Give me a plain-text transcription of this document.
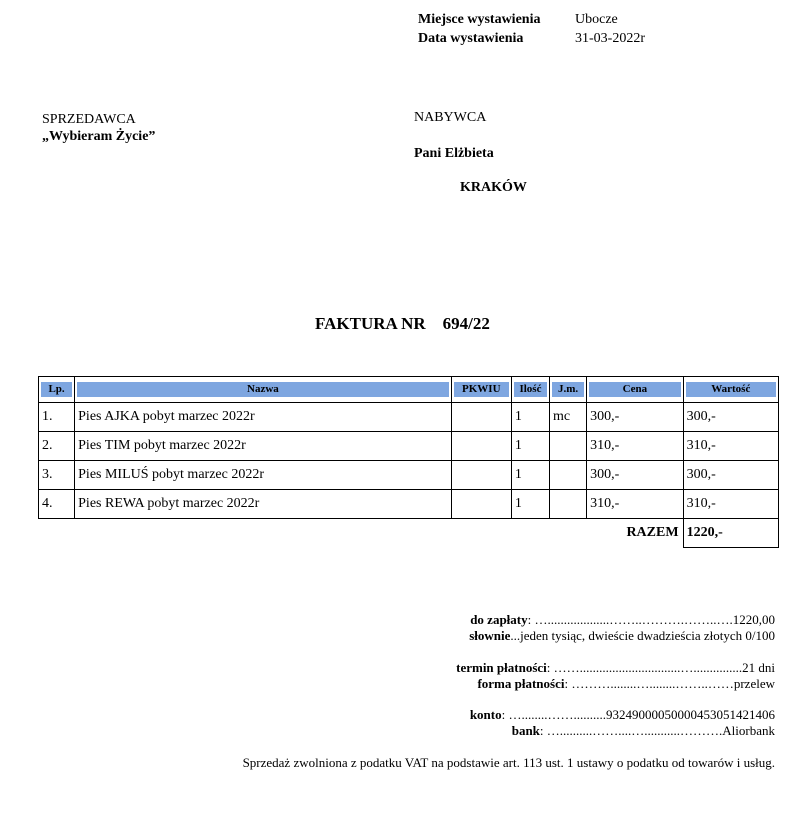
Miejsce wystawienia Ubocze
Data wystawienia	31-03-2022r
SPRZEDAWCA
„Wybieram Życie”
NABYWCA
Pani Elżbieta
KRAKÓW
FAKTURA NR 694/22
Lp.	Nazwa	PKWIU	Ilość	J.m.	Cena	Wartość

1.	Pies AJKA pobyt marzec 2022r		1	mc	300,-	300,-
2.	Pies TIM pobyt marzec 2022r		1		310,-	310,-
3.	Pies MILUŚ pobyt marzec 2022r		1		300,-	300,-
4.	Pies REWA pobyt marzec 2022r		1		310,-	310,-
					RAZEM	1220,-
do zapłaty: …...................……..……….……..….1220,00
słownie...jeden tysiąc, dwieście dwadzieścia złotych 0/100
termin płatności: ……...............................…...............21 dni
forma płatności: ………........…........……..……przelew
konto: …........……..........93249000050000453051421406
bank: …..........……....…...........……….Aliorbank
Sprzedaż zwolniona z podatku VAT na podstawie art. 113 ust. 1 ustawy o podatku od towarów i usług.
